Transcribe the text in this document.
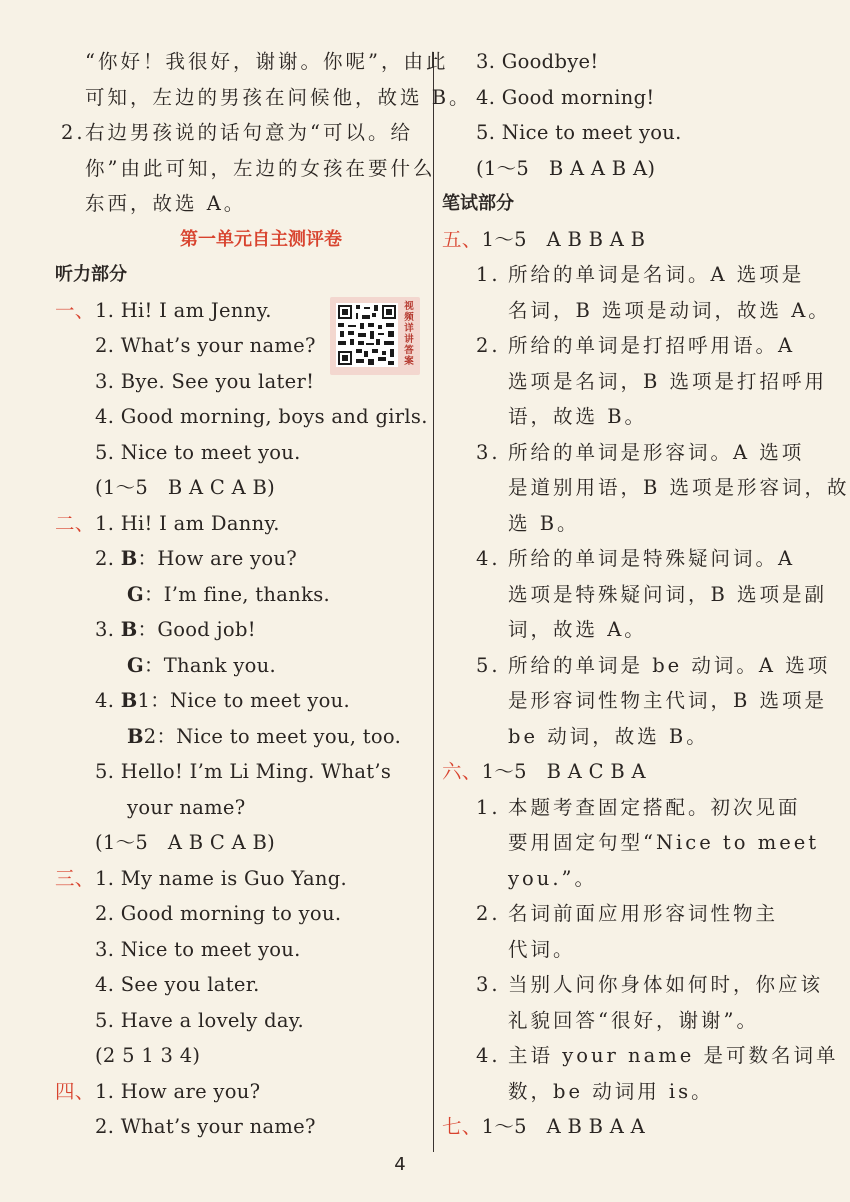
“你好！我很好，谢谢。你呢”，由此
可知，左边的男孩在问候他，故选 B。
2.右边男孩说的话句意为“可以。给
你”由此可知，左边的女孩在要什么
东西，故选 A。
第一单元自主测评卷
听力部分
一、1. Hi! I am Jenny.
2. What’s your name?
3. Bye. See you later!
4. Good morning, boys and girls.
5. Nice to meet you.
(1～5　B A C A B)
二、1. Hi! I am Danny.
2. B：How are you?
G：I’m fine, thanks.
3. B：Good job!
G：Thank you.
4. B1：Nice to meet you.
B2：Nice to meet you, too.
5. Hello! I’m Li Ming. What’s
your name?
(1～5　A B C A B)
三、1. My name is Guo Yang.
2. Good morning to you.
3. Nice to meet you.
4. See you later.
5. Have a lovely day.
(2 5 1 3 4)
四、1. How are you?
2. What’s your name?
视
频
详
讲
答
案
3. Goodbye!
4. Good morning!
5. Nice to meet you.
(1～5　B A A B A)
笔试部分
五、1～5　A B B A B
1. 所给的单词是名词。A 选项是
名词，B 选项是动词，故选 A。
2. 所给的单词是打招呼用语。A
选项是名词，B 选项是打招呼用
语，故选 B。
3. 所给的单词是形容词。A 选项
是道别用语，B 选项是形容词，故
选 B。
4. 所给的单词是特殊疑问词。A
选项是特殊疑问词，B 选项是副
词，故选 A。
5. 所给的单词是 be 动词。A 选项
是形容词性物主代词，B 选项是
be 动词，故选 B。
六、1～5　B A C B A
1. 本题考查固定搭配。初次见面
要用固定句型“Nice to meet
you.”。
2. 名词前面应用形容词性物主
代词。
3. 当别人问你身体如何时，你应该
礼貌回答“很好，谢谢”。
4. 主语 your name 是可数名词单
数，be 动词用 is。
七、1～5　A B B A A
4
